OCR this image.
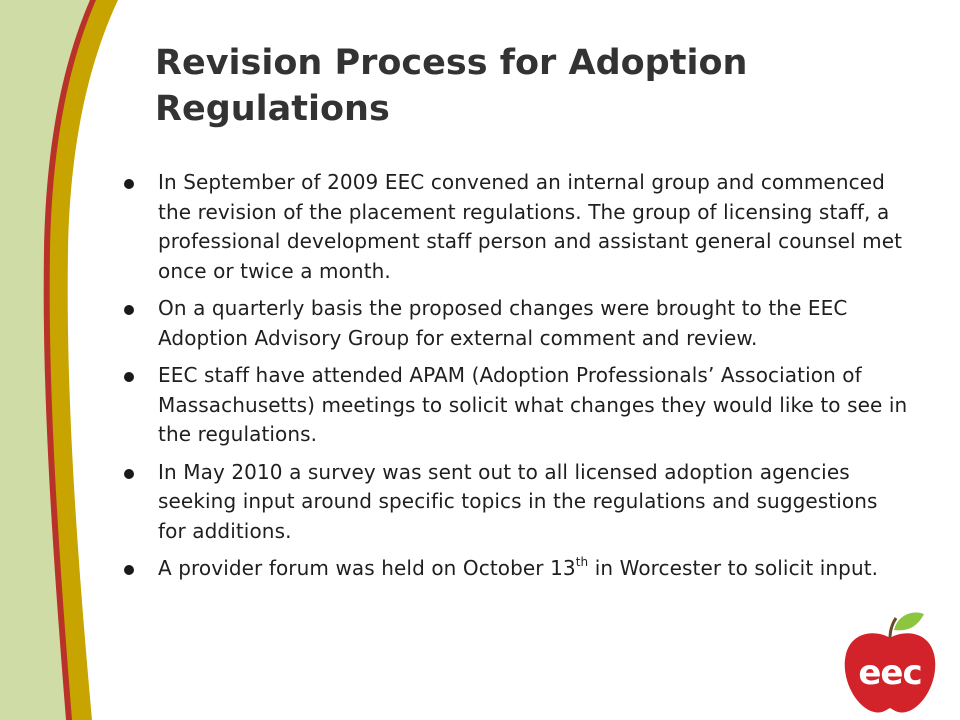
Revision Process for Adoption Regulations
In September of 2009 EEC convened an internal group and commenced the revision of the placement regulations. The group of licensing staff, a professional development staff person and assistant general counsel met once or twice a month.
On a quarterly basis the proposed changes were brought to the EEC Adoption Advisory Group for external comment and review.
EEC staff have attended APAM (Adoption Professionals’ Association of Massachusetts) meetings to solicit what changes they would like to see in the regulations.
In May 2010 a survey was sent out to all licensed adoption agencies seeking input around specific topics in the regulations and suggestions for additions.
A provider forum was held on October 13th in Worcester to solicit input.
eec
